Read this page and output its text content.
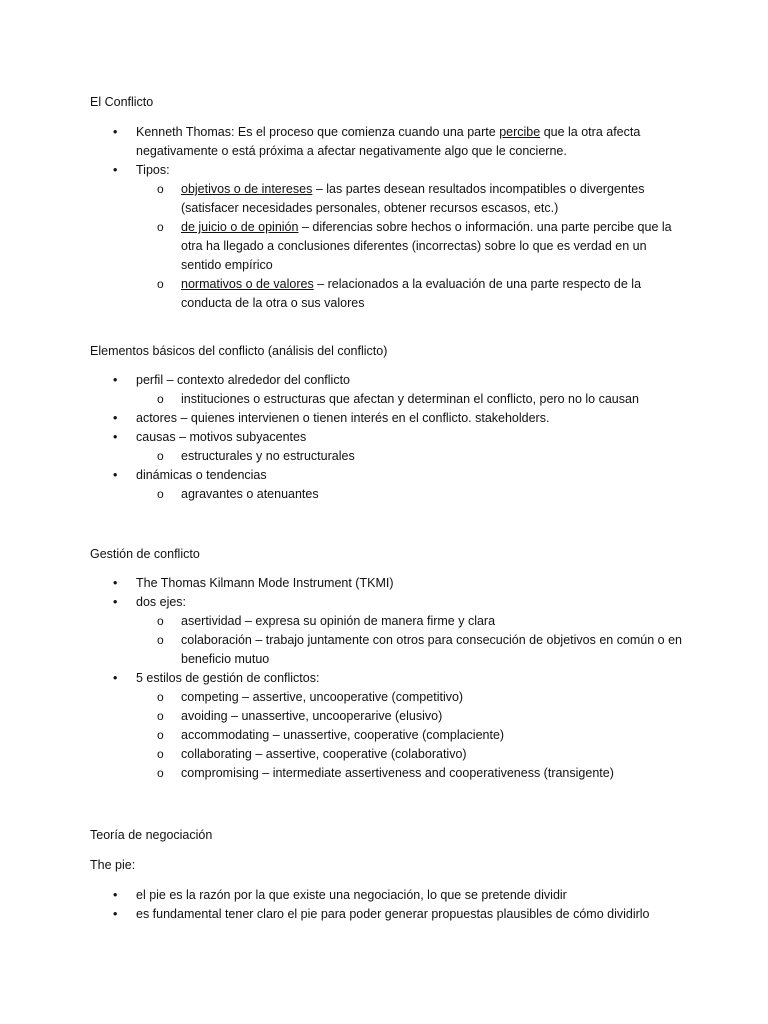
El Conflicto

• Kenneth Thomas: Es el proceso que comienza cuando una parte percibe que la otra afecta negativamente o está próxima a afectar negativamente algo que le concierne.
• Tipos:
o objetivos o de intereses – las partes desean resultados incompatibles o divergentes (satisfacer necesidades personales, obtener recursos escasos, etc.)
o de juicio o de opinión – diferencias sobre hechos o información. una parte percibe que la otra ha llegado a conclusiones diferentes (incorrectas) sobre lo que es verdad en un sentido empírico
o normativos o de valores – relacionados a la evaluación de una parte respecto de la conducta de la otra o sus valores

Elementos básicos del conflicto (análisis del conflicto)

• perfil – contexto alrededor del conflicto
o instituciones o estructuras que afectan y determinan el conflicto, pero no lo causan
• actores – quienes intervienen o tienen interés en el conflicto. stakeholders.
• causas – motivos subyacentes
o estructurales y no estructurales
• dinámicas o tendencias
o agravantes o atenuantes

Gestión de conflicto

• The Thomas Kilmann Mode Instrument (TKMI)
• dos ejes:
o asertividad – expresa su opinión de manera firme y clara
o colaboración – trabajo juntamente con otros para consecución de objetivos en común o en beneficio mutuo
• 5 estilos de gestión de conflictos:
o competing – assertive, uncooperative (competitivo)
o avoiding – unassertive, uncooperarive (elusivo)
o accommodating – unassertive, cooperative (complaciente)
o collaborating – assertive, cooperative (colaborativo)
o compromising – intermediate assertiveness and cooperativeness (transigente)

Teoría de negociación

The pie:

• el pie es la razón por la que existe una negociación, lo que se pretende dividir
• es fundamental tener claro el pie para poder generar propuestas plausibles de cómo dividirlo
